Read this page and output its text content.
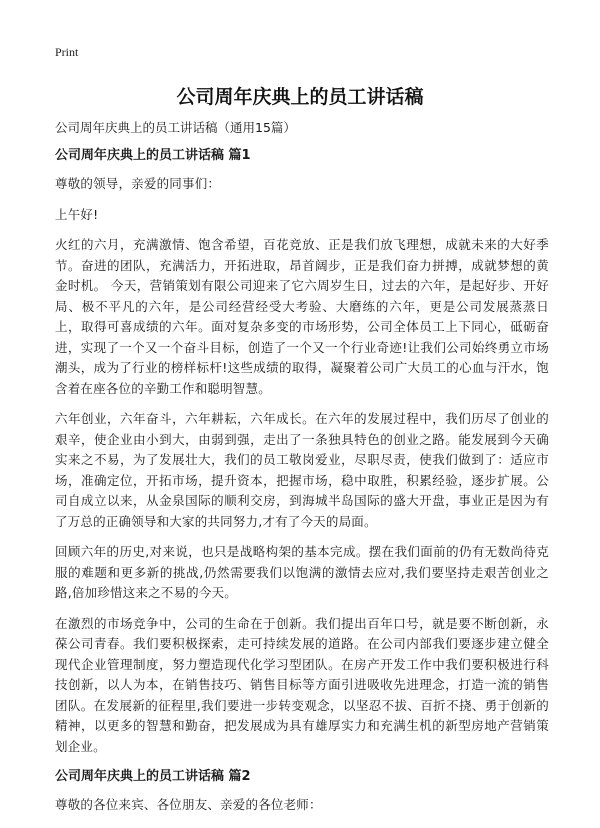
Print
公司周年庆典上的员工讲话稿

公司周年庆典上的员工讲话稿（通用15篇）

公司周年庆典上的员工讲话稿 篇1

尊敬的领导，亲爱的同事们：

上午好!

火红的六月，充满激情、饱含希望，百花竞放、正是我们放飞理想，成就未来的大好季节。奋进的团队，充满活力，开拓进取，昂首阔步，正是我们奋力拼搏，成就梦想的黄金时机。 今天，营销策划有限公司迎来了它六周岁生日，过去的六年，是起好步、开好局、极不平凡的六年，是公司经营经受大考验、大磨练的六年，更是公司发展蒸蒸日上，取得可喜成绩的六年。面对复杂多变的市场形势，公司全体员工上下同心，砥砺奋进，实现了一个又一个奋斗目标，创造了一个又一个行业奇迹!让我们公司始终勇立市场潮头，成为了行业的榜样标杆!这些成绩的取得，凝聚着公司广大员工的心血与汗水，饱含着在座各位的辛勤工作和聪明智慧。

六年创业，六年奋斗，六年耕耘，六年成长。在六年的发展过程中，我们历尽了创业的艰辛，使企业由小到大，由弱到强，走出了一条独具特色的创业之路。能发展到今天确实来之不易，为了发展壮大，我们的员工敬岗爱业，尽职尽责，使我们做到了：适应市场，准确定位，开拓市场，提升资本，把握市场，稳中取胜，积累经验，逐步扩展。公司自成立以来，从金泉国际的顺利交房，到海城半岛国际的盛大开盘，事业正是因为有了万总的正确领导和大家的共同努力,才有了今天的局面。

回顾六年的历史,对来说，也只是战略构架的基本完成。摆在我们面前的仍有无数尚待克服的难题和更多新的挑战,仍然需要我们以饱满的激情去应对,我们要坚持走艰苦创业之路,倍加珍惜这来之不易的今天。

在激烈的市场竞争中，公司的生命在于创新。我们提出百年口号，就是要不断创新，永葆公司青春。我们要积极探索，走可持续发展的道路。在公司内部我们要逐步建立健全现代企业管理制度，努力塑造现代化学习型团队。在房产开发工作中我们要积极进行科技创新，以人为本，在销售技巧、销售目标等方面引进吸收先进理念，打造一流的销售团队。在发展新的征程里,我们要进一步转变观念，以坚忍不拔、百折不挠、勇于创新的精神，以更多的智慧和勤奋，把发展成为具有雄厚实力和充满生机的新型房地产营销策划企业。

公司周年庆典上的员工讲话稿 篇2

尊敬的各位来宾、各位朋友、亲爱的各位老师：
